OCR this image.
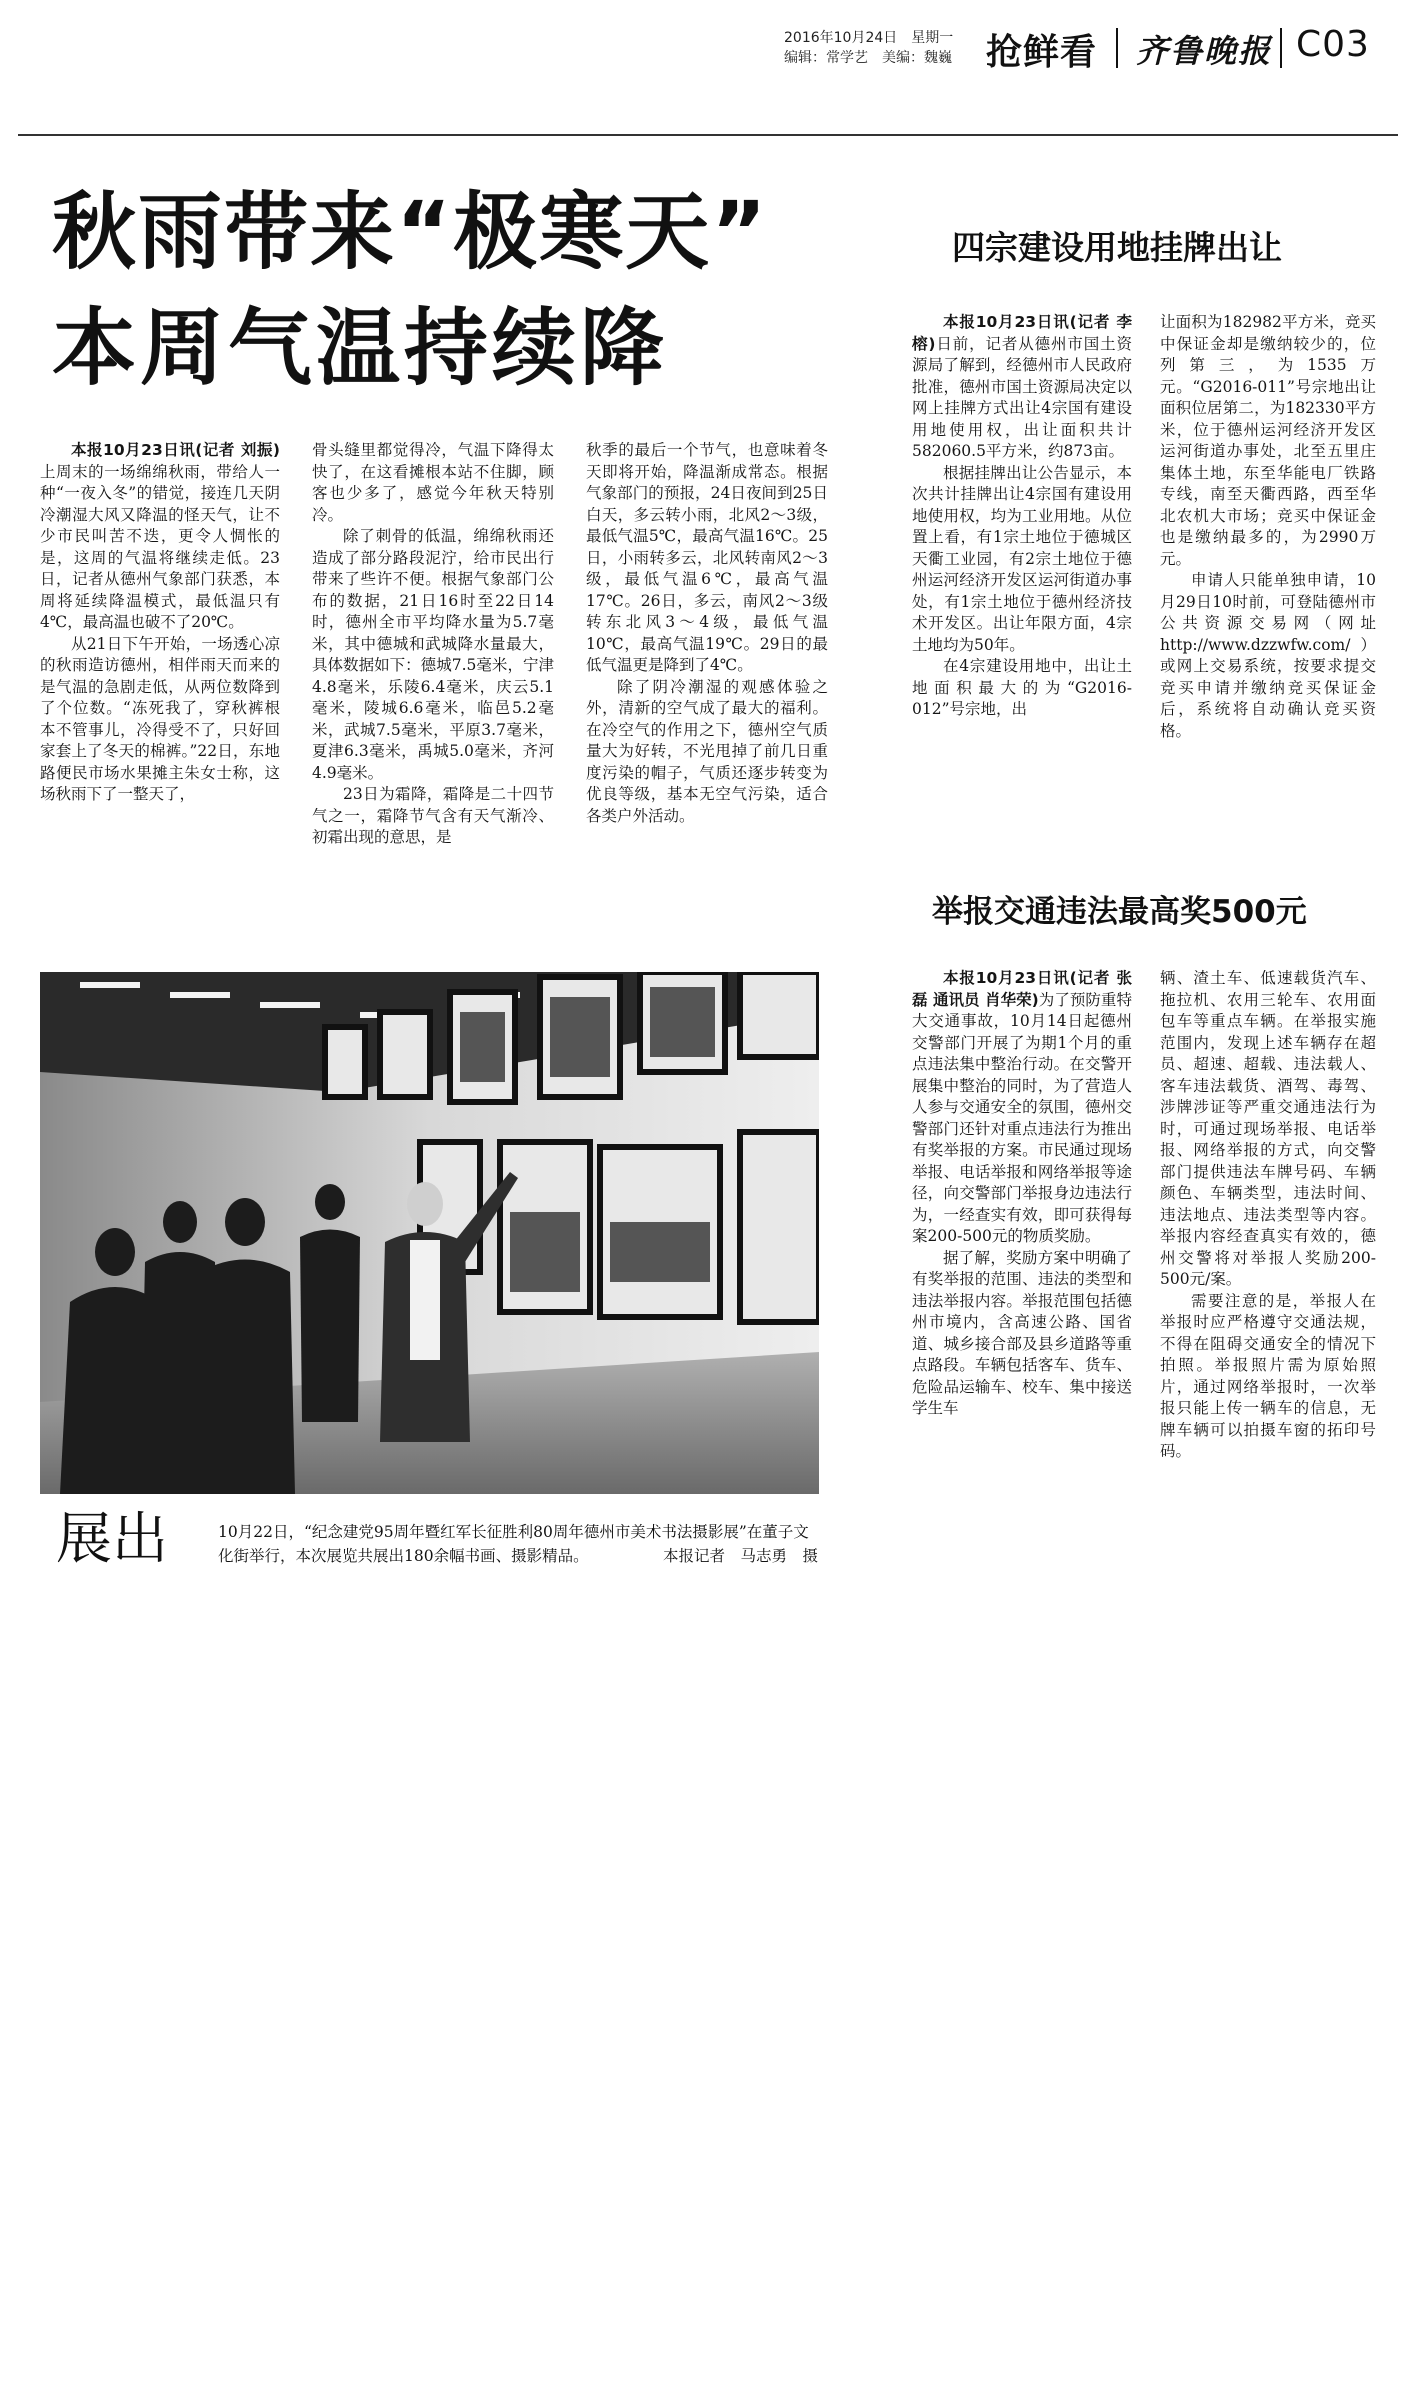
2016年10月24日 星期一
编辑：常学艺 美编：魏巍 抢鲜看 齐鲁晚报 C03
秋雨带来“极寒天”
本周气温持续降

本报10月23日讯(记者 刘振)上周末的一场绵绵秋雨，带给人一种“一夜入冬”的错觉，接连几天阴冷潮湿大风又降温的怪天气，让不少市民叫苦不迭，更令人惆怅的是，这周的气温将继续走低。23日，记者从德州气象部门获悉，本周将延续降温模式，最低温只有4℃，最高温也破不了20℃。

从21日下午开始，一场透心凉的秋雨造访德州，相伴雨天而来的是气温的急剧走低，从两位数降到了个位数。“冻死我了，穿秋裤根本不管事儿，冷得受不了，只好回家套上了冬天的棉裤。”22日，东地路便民市场水果摊主朱女士称，这场秋雨下了一整天了，

骨头缝里都觉得冷，气温下降得太快了，在这看摊根本站不住脚，顾客也少多了，感觉今年秋天特别冷。

除了刺骨的低温，绵绵秋雨还造成了部分路段泥泞，给市民出行带来了些许不便。根据气象部门公布的数据，21日16时至22日14时，德州全市平均降水量为5.7毫米，其中德城和武城降水量最大，具体数据如下：德城7.5毫米，宁津4.8毫米，乐陵6.4毫米，庆云5.1毫米，陵城6.6毫米，临邑5.2毫米，武城7.5毫米，平原3.7毫米，夏津6.3毫米，禹城5.0毫米，齐河4.9毫米。

23日为霜降，霜降是二十四节气之一，霜降节气含有天气渐冷、初霜出现的意思，是

秋季的最后一个节气，也意味着冬天即将开始，降温渐成常态。根据气象部门的预报，24日夜间到25日白天，多云转小雨，北风2～3级，最低气温5℃，最高气温16℃。25日，小雨转多云，北风转南风2～3级，最低气温6℃，最高气温17℃。26日，多云，南风2～3级转东北风3～4级，最低气温10℃，最高气温19℃。29日的最低气温更是降到了4℃。

除了阴冷潮湿的观感体验之外，清新的空气成了最大的福利。在冷空气的作用之下，德州空气质量大为好转，不光甩掉了前几日重度污染的帽子，气质还逐步转变为优良等级，基本无空气污染，适合各类户外活动。

四宗建设用地挂牌出让

本报10月23日讯(记者 李榕)日前，记者从德州市国土资源局了解到，经德州市人民政府批准，德州市国土资源局决定以网上挂牌方式出让4宗国有建设用地使用权，出让面积共计582060.5平方米，约873亩。

根据挂牌出让公告显示，本次共计挂牌出让4宗国有建设用地使用权，均为工业用地。从位置上看，有1宗土地位于德城区天衢工业园，有2宗土地位于德州运河经济开发区运河街道办事处，有1宗土地位于德州经济技术开发区。出让年限方面，4宗土地均为50年。

在4宗建设用地中，出让土地面积最大的为“G2016-012”号宗地，出

让面积为182982平方米，竞买中保证金却是缴纳较少的，位列第三，为1535万元。“G2016-011”号宗地出让面积位居第二，为182330平方米，位于德州运河经济开发区运河街道办事处，北至五里庄集体土地，东至华能电厂铁路专线，南至天衢西路，西至华北农机大市场；竞买中保证金也是缴纳最多的，为2990万元。

申请人只能单独申请，10月29日10时前，可登陆德州市公共资源交易网（网址http://www.dzzwfw.com/）或网上交易系统，按要求提交竞买申请并缴纳竞买保证金后，系统将自动确认竞买资格。

举报交通违法最高奖500元

本报10月23日讯(记者 张磊 通讯员 肖华荣)为了预防重特大交通事故，10月14日起德州交警部门开展了为期1个月的重点违法集中整治行动。在交警开展集中整治的同时，为了营造人人参与交通安全的氛围，德州交警部门还针对重点违法行为推出有奖举报的方案。市民通过现场举报、电话举报和网络举报等途径，向交警部门举报身边违法行为，一经查实有效，即可获得每案200-500元的物质奖励。

据了解，奖励方案中明确了有奖举报的范围、违法的类型和违法举报内容。举报范围包括德州市境内，含高速公路、国省道、城乡接合部及县乡道路等重点路段。车辆包括客车、货车、危险品运输车、校车、集中接送学生车

辆、渣土车、低速载货汽车、拖拉机、农用三轮车、农用面包车等重点车辆。在举报实施范围内，发现上述车辆存在超员、超速、超载、违法载人、客车违法载货、酒驾、毒驾、涉牌涉证等严重交通违法行为时，可通过现场举报、电话举报、网络举报的方式，向交警部门提供违法车牌号码、车辆颜色、车辆类型，违法时间、违法地点、违法类型等内容。举报内容经查真实有效的，德州交警将对举报人奖励200-500元/案。

需要注意的是，举报人在举报时应严格遵守交通法规，不得在阻碍交通安全的情况下拍照。举报照片需为原始照片，通过网络举报时，一次举报只能上传一辆车的信息，无牌车辆可以拍摄车窗的拓印号码。

展出	10月22日，“纪念建党95周年暨红军长征胜利80周年德州市美术书法摄影展”在董子文化街举行，本次展览共展出180余幅书画、摄影精品。	本报记者　马志勇　摄
